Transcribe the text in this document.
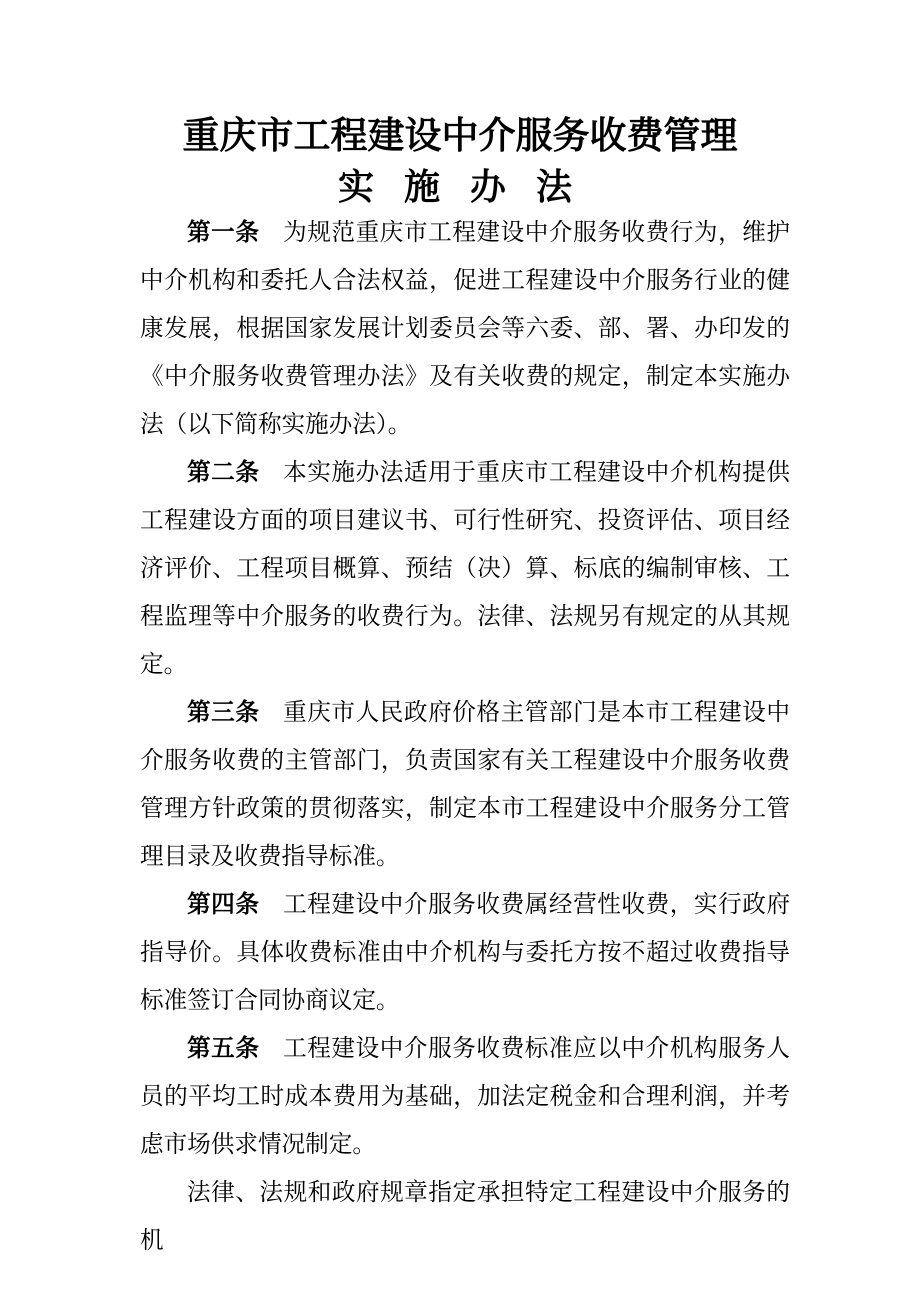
重庆市工程建设中介服务收费管理
实施办法

第一条 为规范重庆市工程建设中介服务收费行为，维护中介机构和委托人合法权益，促进工程建设中介服务行业的健康发展，根据国家发展计划委员会等六委、部、署、办印发的《中介服务收费管理办法》及有关收费的规定，制定本实施办法（以下简称实施办法）。

第二条 本实施办法适用于重庆市工程建设中介机构提供工程建设方面的项目建议书、可行性研究、投资评估、项目经济评价、工程项目概算、预结（决）算、标底的编制审核、工程监理等中介服务的收费行为。法律、法规另有规定的从其规定。

第三条 重庆市人民政府价格主管部门是本市工程建设中介服务收费的主管部门，负责国家有关工程建设中介服务收费管理方针政策的贯彻落实，制定本市工程建设中介服务分工管理目录及收费指导标准。

第四条 工程建设中介服务收费属经营性收费，实行政府指导价。具体收费标准由中介机构与委托方按不超过收费指导标准签订合同协商议定。

第五条 工程建设中介服务收费标准应以中介机构服务人员的平均工时成本费用为基础，加法定税金和合理利润，并考虑市场供求情况制定。

法律、法规和政府规章指定承担特定工程建设中介服务的机
